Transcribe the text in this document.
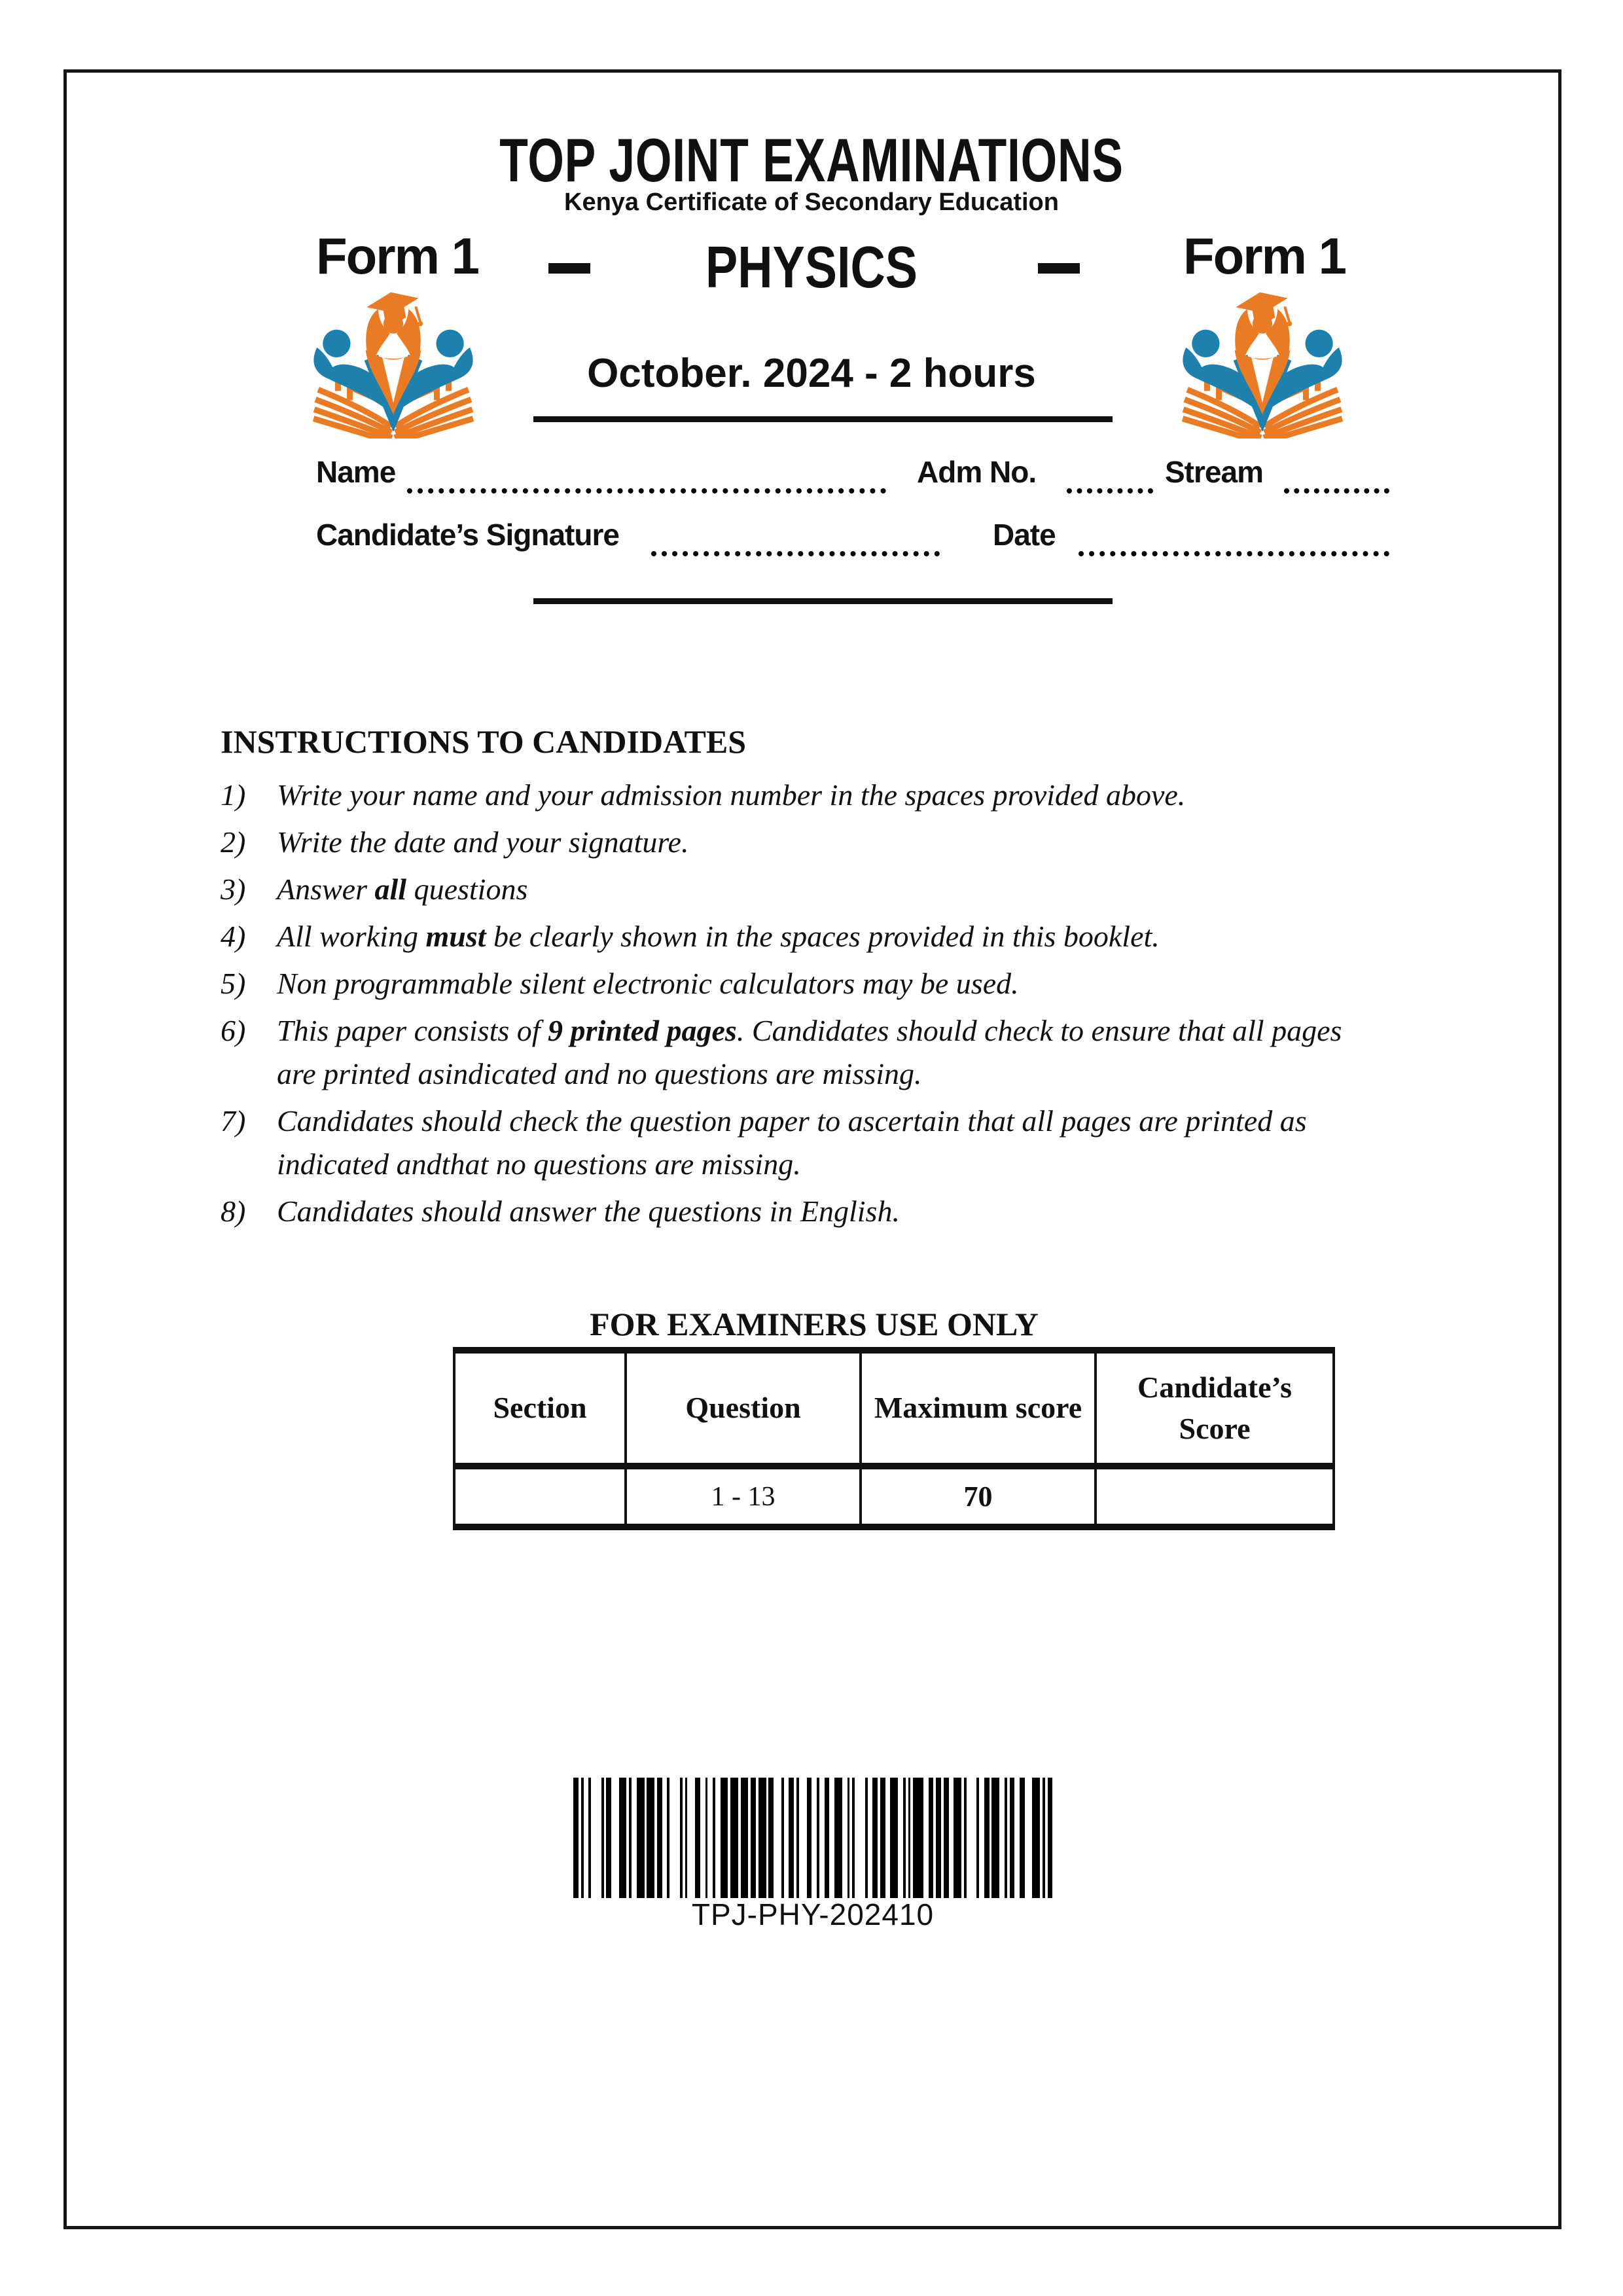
TOP JOINT EXAMINATIONS
Kenya Certificate of Secondary Education
Form 1	PHYSICS	Form 1
October. 2024 - 2 hours
Name	Adm No.	Stream
Candidate’s Signature	Date
INSTRUCTIONS TO CANDIDATES
1)	Write your name and your admission number in the spaces provided above.
2)	Write the date and your signature.
3)	Answer all questions
4)	All working must be clearly shown in the spaces provided in this booklet.
5)	Non programmable silent electronic calculators may be used.
6)	This paper consists of 9 printed pages. Candidates should check to ensure that all pages are printed asindicated and no questions are missing.
7)	Candidates should check the question paper to ascertain that all pages are printed as indicated andthat no questions are missing.
8)	Candidates should answer the questions in English.
FOR EXAMINERS USE ONLY
Section	Question	Maximum score	Candidate’s Score
	1 - 13	70	
TPJ-PHY-202410
